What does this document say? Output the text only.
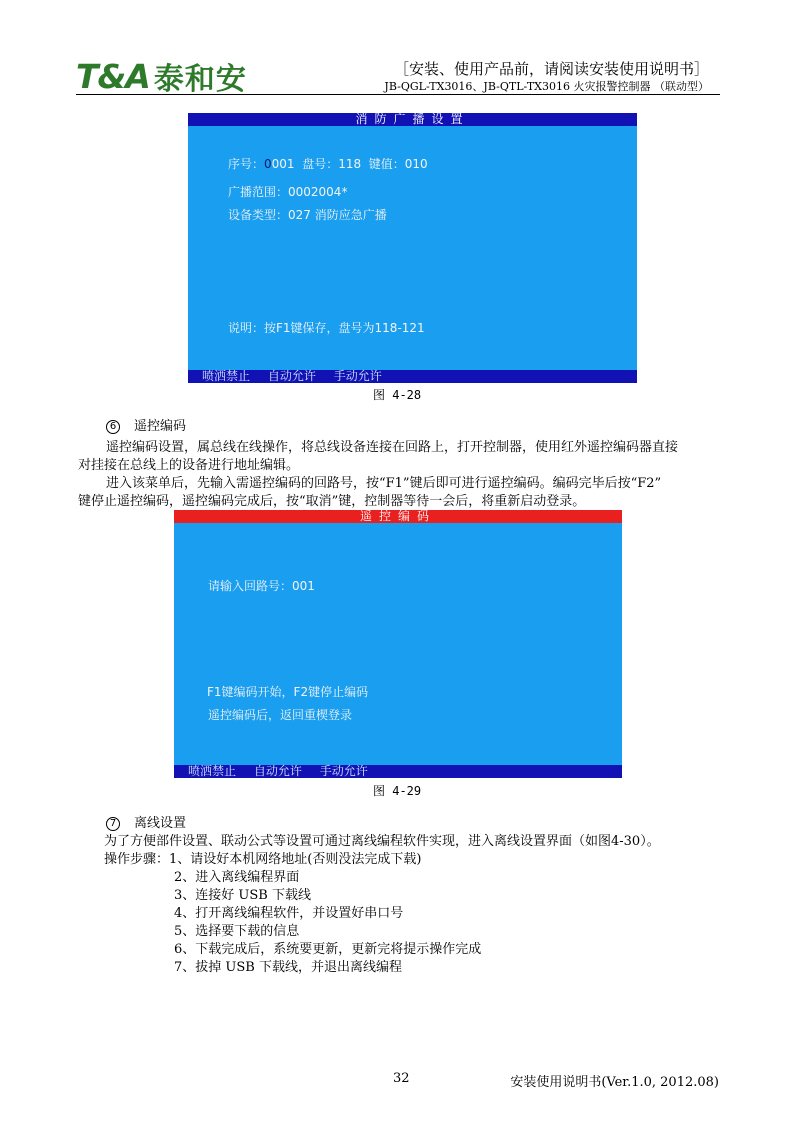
T&A 泰和安	［安装、使用产品前，请阅读安装使用说明书］
JB-QGL-TX3016、JB-QTL-TX3016 火灾报警控制器 （联动型）
消防广播设置
序号：0001  盘号：118  键值：010
广播范围：0002004*
设备类型：027 消防应急广播
说明：按F1键保存，盘号为118-121
喷洒禁止 自动允许 手动允许
图 4-28
6 遥控编码
遥控编码设置，属总线在线操作，将总线设备连接在回路上，打开控制器，使用红外遥控编码器直接
对挂接在总线上的设备进行地址编辑。
进入该菜单后，先输入需遥控编码的回路号，按“F1”键后即可进行遥控编码。编码完毕后按“F2”
键停止遥控编码，遥控编码完成后，按“取消”键，控制器等待一会后，将重新启动登录。
遥控编码
请输入回路号：001
F1键编码开始，F2键停止编码
遥控编码后，返回重楔登录
喷洒禁止 自动允许 手动允许
图 4-29
7 离线设置
为了方便部件设置、联动公式等设置可通过离线编程软件实现，进入离线设置界面（如图4-30）。
操作步骤：1、请设好本机网络地址(否则没法完成下载)
2、进入离线编程界面
3、连接好 USB 下载线
4、打开离线编程软件，并设置好串口号
5、选择要下载的信息
6、下载完成后，系统要更新，更新完将提示操作完成
7、拔掉 USB 下载线，并退出离线编程
32	安装使用说明书(Ver.1.0, 2012.08)
